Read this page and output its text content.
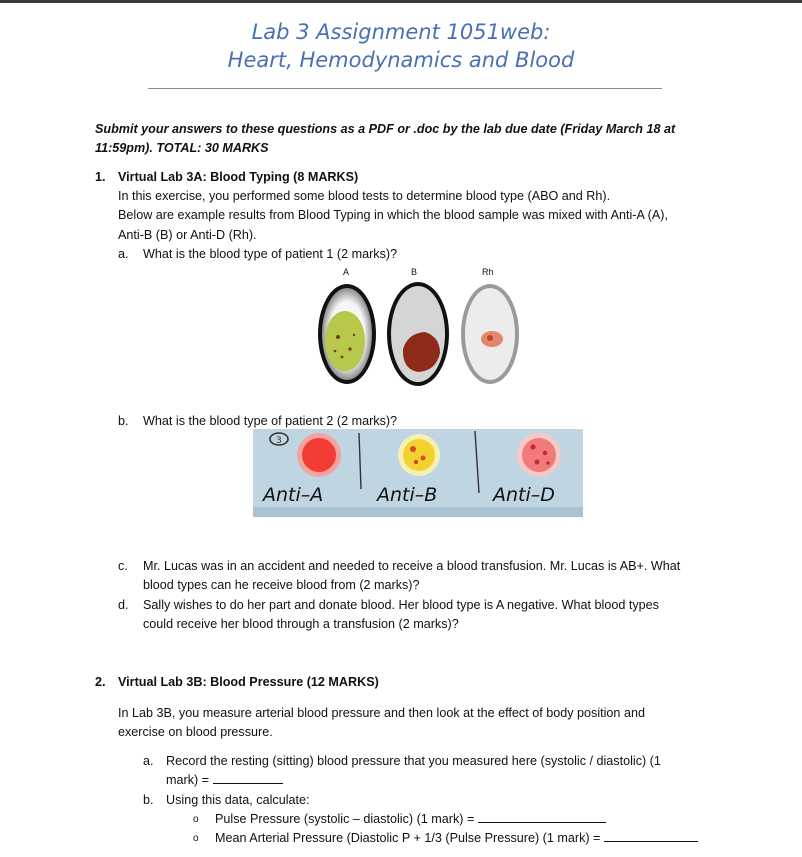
Lab 3 Assignment 1051web:
Heart, Hemodynamics and Blood
Submit your answers to these questions as a PDF or .doc by the lab due date (Friday March 18 at
11:59pm). TOTAL: 30 MARKS
1. Virtual Lab 3A: Blood Typing (8 MARKS)
In this exercise, you performed some blood tests to determine blood type (ABO and Rh).
Below are example results from Blood Typing in which the blood sample was mixed with Anti-A (A),
Anti-B (B) or Anti-D (Rh).
a. What is the blood type of patient 1 (2 marks)?
A	B	Rh
b. What is the blood type of patient 2 (2 marks)?
3
Anti–A	Anti–B	Anti–D
c. Mr. Lucas was in an accident and needed to receive a blood transfusion. Mr. Lucas is AB+. What
blood types can he receive blood from (2 marks)?
d. Sally wishes to do her part and donate blood. Her blood type is A negative. What blood types
could receive her blood through a transfusion (2 marks)?
2. Virtual Lab 3B: Blood Pressure (12 MARKS)
In Lab 3B, you measure arterial blood pressure and then look at the effect of body position and
exercise on blood pressure.
a. Record the resting (sitting) blood pressure that you measured here (systolic / diastolic) (1
mark) =
b. Using this data, calculate:
o Pulse Pressure (systolic – diastolic) (1 mark) =
o Mean Arterial Pressure (Diastolic P + 1/3 (Pulse Pressure) (1 mark) =
